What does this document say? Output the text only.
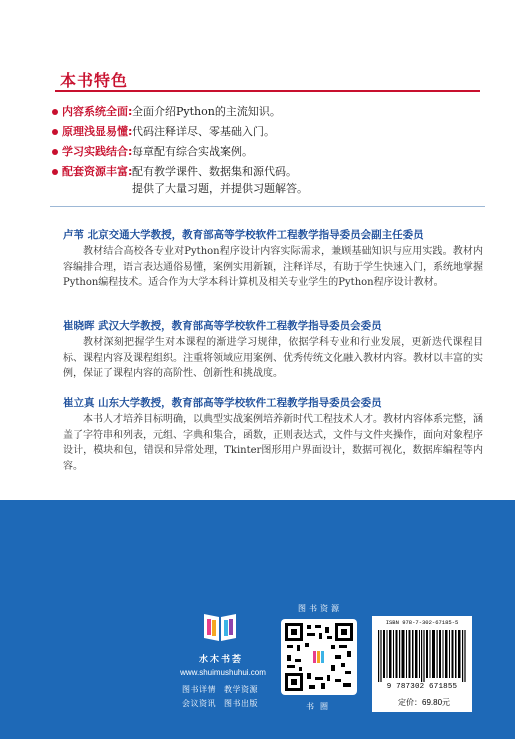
本书特色
内容系统全面: 全面介绍Python的主流知识。
原理浅显易懂: 代码注释详尽、零基础入门。
学习实践结合: 每章配有综合实战案例。
配套资源丰富: 配有教学课件、数据集和源代码。
提供了大量习题，并提供习题解答。
卢苇 北京交通大学教授，教育部高等学校软件工程教学指导委员会副主任委员
教材结合高校各专业对Python程序设计内容实际需求，兼顾基础知识与应用实践。教材内容编排合理，语言表达通俗易懂，案例实用新颖，注释详尽，有助于学生快速入门，系统地掌握Python编程技术。适合作为大学本科计算机及相关专业学生的Python程序设计教材。
崔晓晖 武汉大学教授，教育部高等学校软件工程教学指导委员会委员
教材深刻把握学生对本课程的渐进学习规律，依据学科专业和行业发展，更新迭代课程目标、课程内容及课程组织。注重将领域应用案例、优秀传统文化融入教材内容。教材以丰富的实例，保证了课程内容的高阶性、创新性和挑战度。
崔立真 山东大学教授，教育部高等学校软件工程教学指导委员会委员
本书人才培养目标明确，以典型实战案例培养新时代工程技术人才。教材内容体系完整，涵盖了字符串和列表，元组、字典和集合，函数，正则表达式，文件与文件夹操作，面向对象程序设计，模块和包，错误和异常处理，Tkinter图形用户界面设计，数据可视化，数据库编程等内容。
水木书荟
www.shuimushuhui.com
图书详情 教学资源
会议资讯 图书出版
图书资源
书圈
ISBN 978-7-302-67185-5
9 787302 671855
定价：69.80元
